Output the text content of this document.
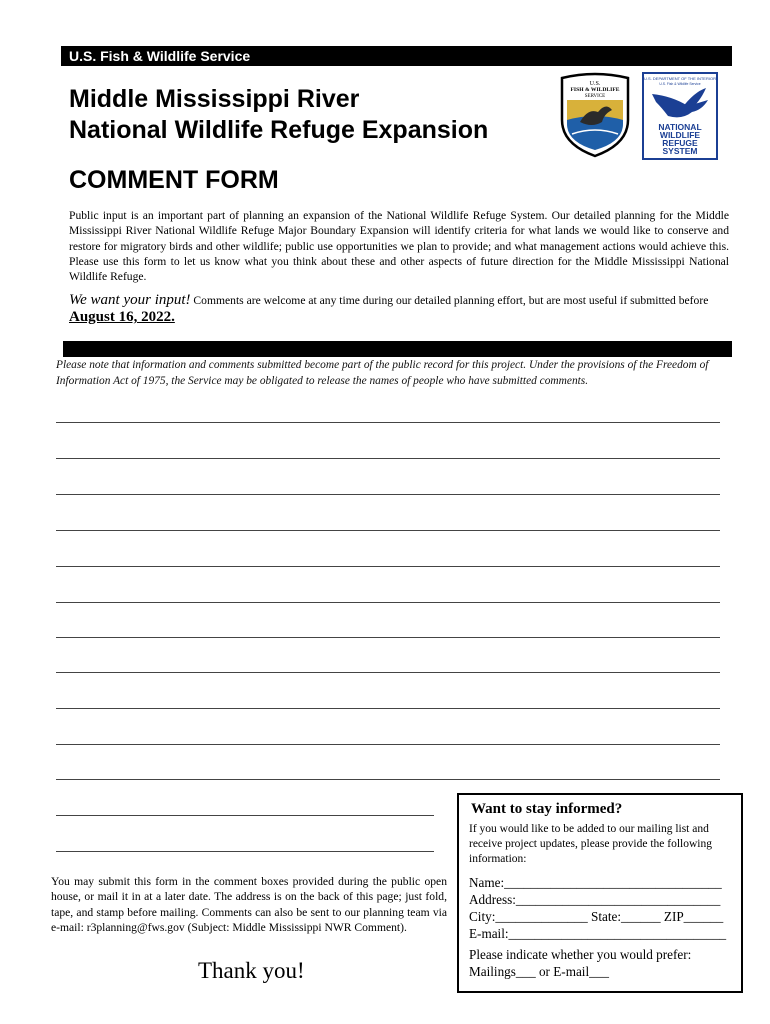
U.S. Fish & Wildlife Service
Middle Mississippi River
National Wildlife Refuge Expansion
U.S.
FISH & WILDLIFE
SERVICE
U.S. DEPARTMENT OF THE INTERIOR
U.S. Fish & Wildlife Service
NATIONAL
WILDLIFE
REFUGE
SYSTEM
COMMENT FORM
Public input is an important part of planning an expansion of the National Wildlife Refuge System. Our detailed planning for the Middle Mississippi River National Wildlife Refuge Major Boundary Expansion will identify criteria for what lands we would like to conserve and restore for migratory birds and other wildlife; public use opportunities we plan to provide; and what management actions would achieve this. Please use this form to let us know what you think about these and other aspects of future direction for the Middle Mississippi National Wildlife Refuge.
We want your input! Comments are welcome at any time during our detailed planning effort, but are most useful if submitted before August 16, 2022.
Please note that information and comments submitted become part of the public record for this project. Under the provisions of the Freedom of Information Act of 1975, the Service may be obligated to release the names of people who have submitted comments.
You may submit this form in the comment boxes provided during the public open house, or mail it in at a later date. The address is on the back of this page; just fold, tape, and stamp before mailing. Comments can also be sent to our planning team via e-mail: r3planning@fws.gov (Subject: Middle Mississippi NWR Comment).
Thank you!
Want to stay informed?
If you would like to be added to our mailing list and receive project updates, please provide the following information:
Name:_________________________________
Address:_______________________________
City:______________ State:______ ZIP______
E-mail:_________________________________
Please indicate whether you would prefer: Mailings___ or E-mail___
